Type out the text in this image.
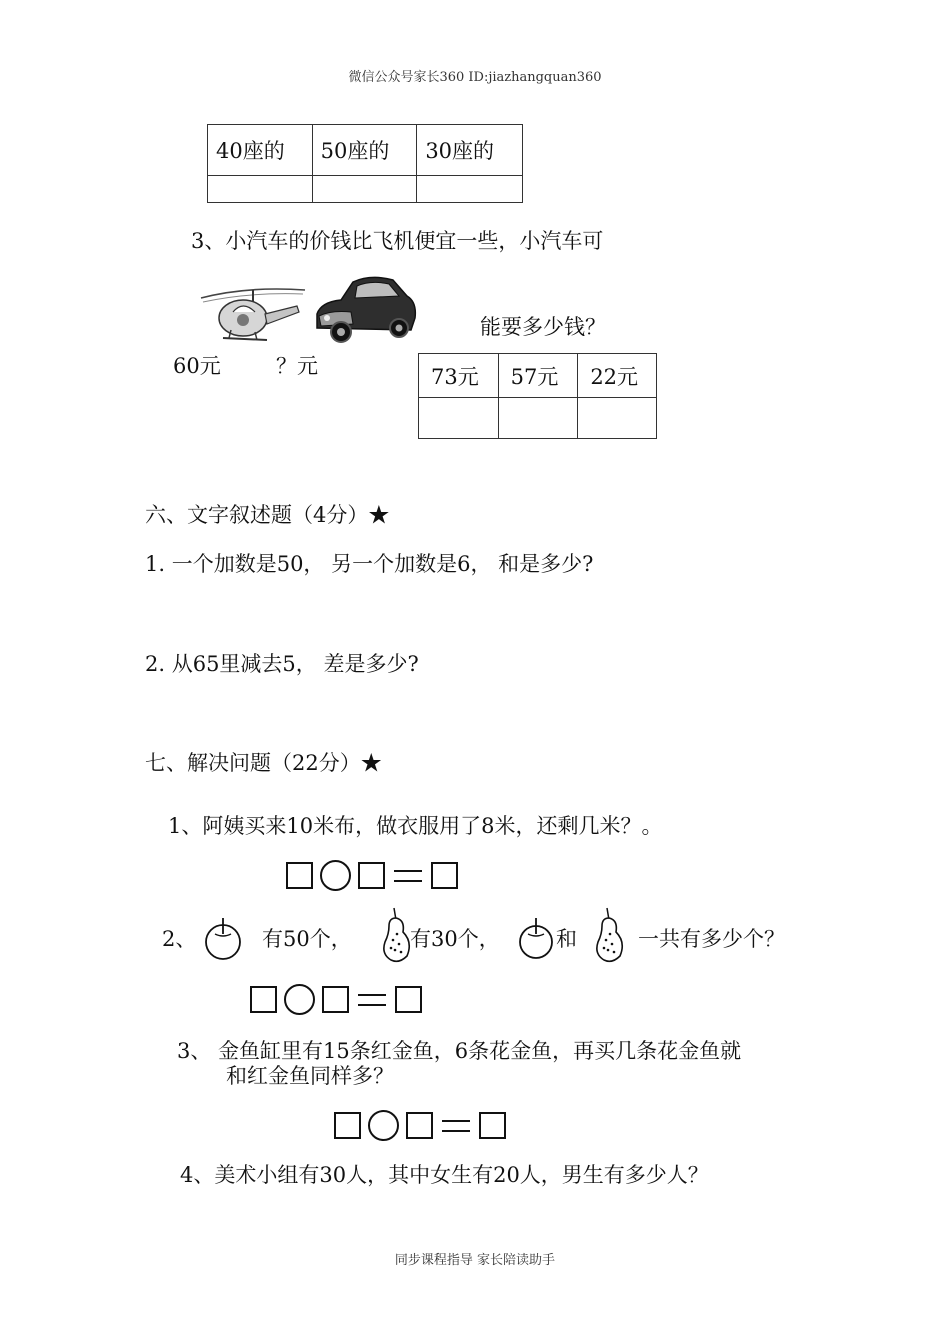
微信公众号家长360 ID:jiazhangquan360
40座的	50座的	30座的

3、小汽车的价钱比飞机便宜一些，小汽车可
60元	？元
能要多少钱？
73元	57元	22元

六、文字叙述题（4分）★
1. 一个加数是50， 另一个加数是6， 和是多少?
2. 从65里减去5， 差是多少?
七、解决问题（22分）★
1、阿姨买来10米布，做衣服用了8米，还剩几米？。
2、	有50个，	有30个，	和	一共有多少个？
3、 金鱼缸里有15条红金鱼，6条花金鱼，再买几条花金鱼就
和红金鱼同样多？
4、美术小组有30人，其中女生有20人，男生有多少人？
同步课程指导 家长陪读助手
